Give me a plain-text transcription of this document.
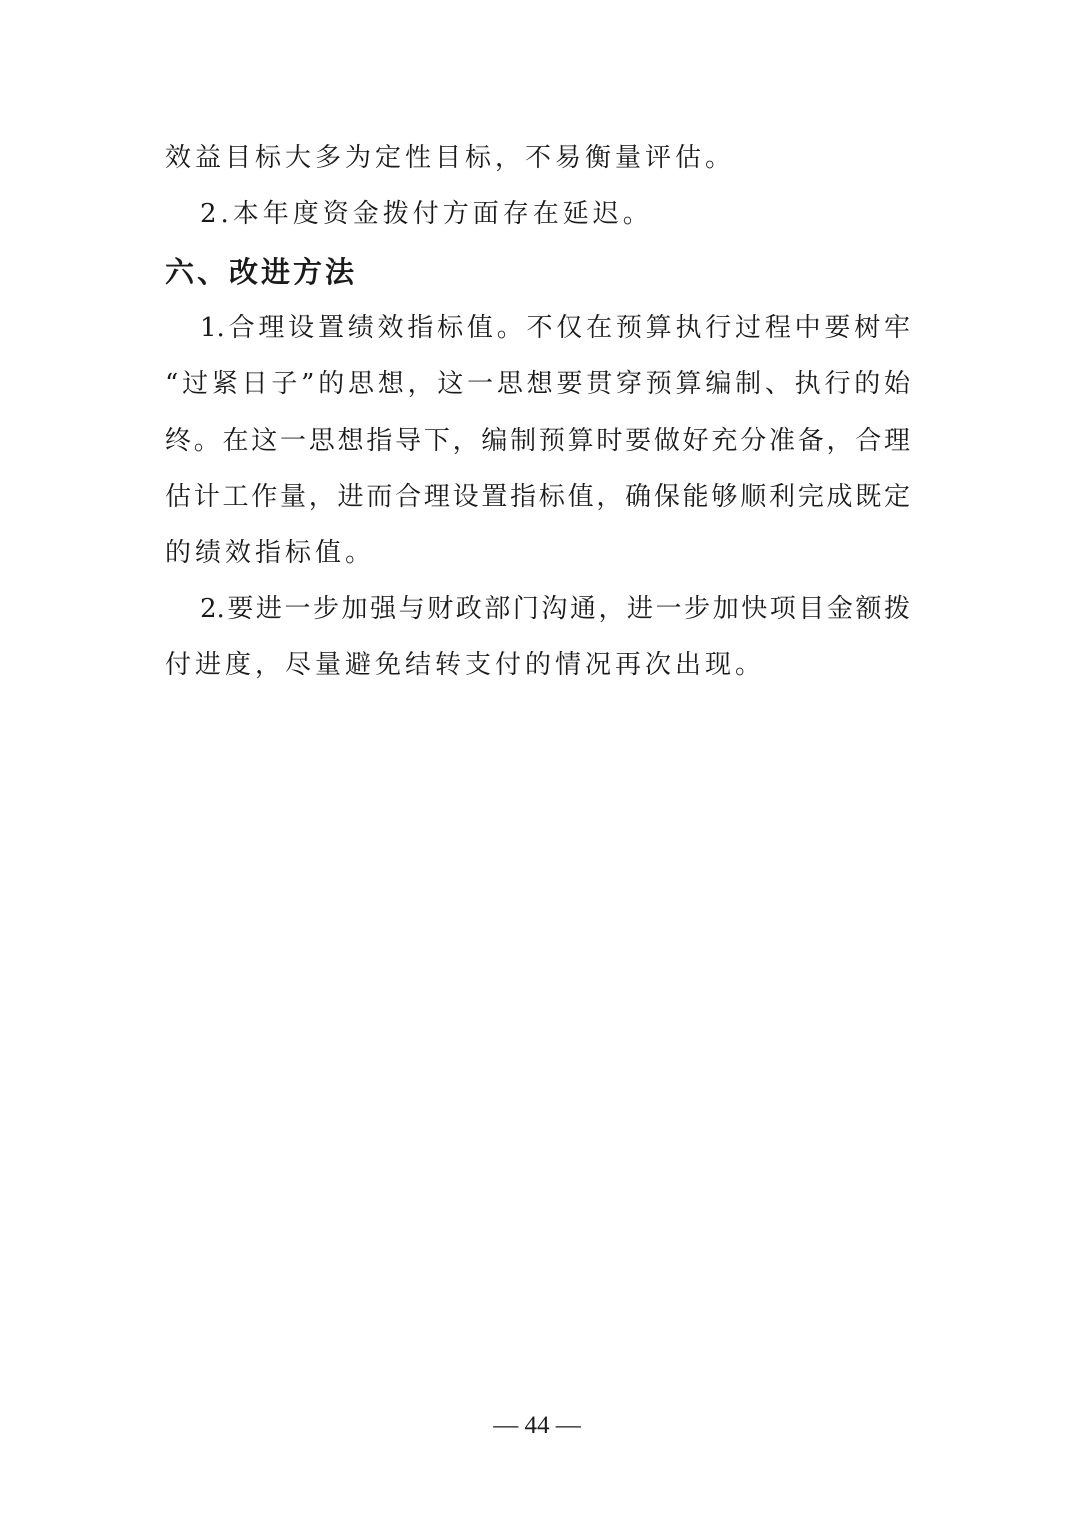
效益目标大多为定性目标，不易衡量评估。
2.本年度资金拨付方面存在延迟。
六、改进方法
1.合理设置绩效指标值。不仅在预算执行过程中要树牢
“过紧日子”的思想，这一思想要贯穿预算编制、执行的始
终。在这一思想指导下，编制预算时要做好充分准备，合理
估计工作量，进而合理设置指标值，确保能够顺利完成既定
的绩效指标值。
2.要进一步加强与财政部门沟通，进一步加快项目金额拨
付进度，尽量避免结转支付的情况再次出现。
— 44 —
